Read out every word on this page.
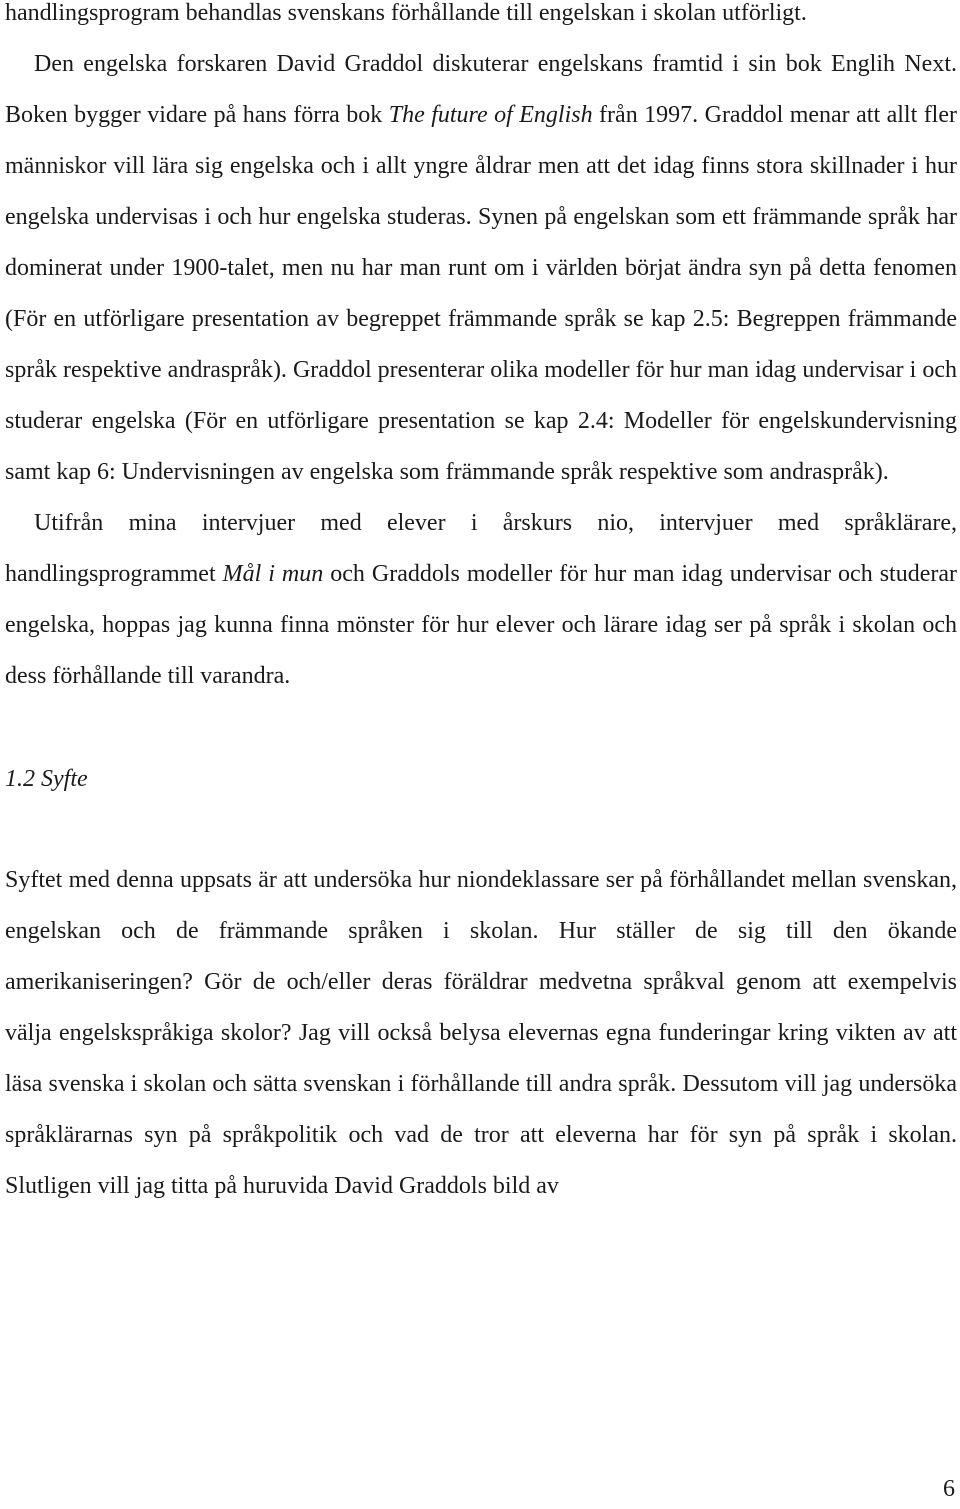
handlingsprogram behandlas svenskans förhållande till engelskan i skolan utförligt.

Den engelska forskaren David Graddol diskuterar engelskans framtid i sin bok Englih Next. Boken bygger vidare på hans förra bok The future of English från 1997. Graddol menar att allt fler människor vill lära sig engelska och i allt yngre åldrar men att det idag finns stora skillnader i hur engelska undervisas i och hur engelska studeras. Synen på engelskan som ett främmande språk har dominerat under 1900-talet, men nu har man runt om i världen börjat ändra syn på detta fenomen (För en utförligare presentation av begreppet främmande språk se kap 2.5: Begreppen främmande språk respektive andraspråk). Graddol presenterar olika modeller för hur man idag undervisar i och studerar engelska (För en utförligare presentation se kap 2.4: Modeller för engelskundervisning samt kap 6: Undervisningen av engelska som främmande språk respektive som andraspråk).

Utifrån mina intervjuer med elever i årskurs nio, intervjuer med språklärare, handlingsprogrammet Mål i mun och Graddols modeller för hur man idag undervisar och studerar engelska, hoppas jag kunna finna mönster för hur elever och lärare idag ser på språk i skolan och dess förhållande till varandra.

1.2 Syfte

Syftet med denna uppsats är att undersöka hur niondeklassare ser på förhållandet mellan svenskan, engelskan och de främmande språken i skolan. Hur ställer de sig till den ökande amerikaniseringen? Gör de och/eller deras föräldrar medvetna språkval genom att exempelvis välja engelskspråkiga skolor? Jag vill också belysa elevernas egna funderingar kring vikten av att läsa svenska i skolan och sätta svenskan i förhållande till andra språk. Dessutom vill jag undersöka språklärarnas syn på språkpolitik och vad de tror att eleverna har för syn på språk i skolan. Slutligen vill jag titta på huruvida David Graddols bild av

6
